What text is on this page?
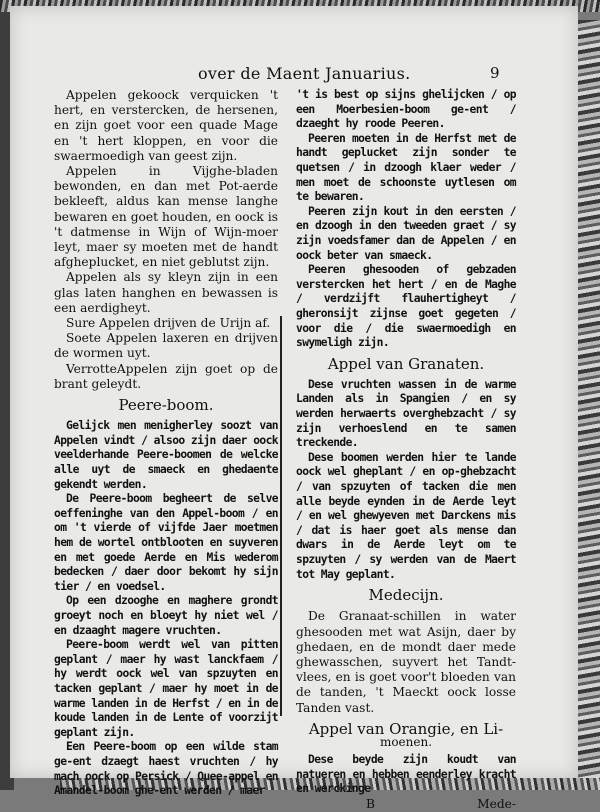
over de Maent Januarius.	9

Appelen gekoock verquicken 't hert, en verstercken, de hersenen, en zijn goet voor een quade Mage en 't hert kloppen, en voor die swaermoedigh van geest zijn.

Appelen in Vijghe-bladen bewonden, en dan met Pot-aerde bekleeft, aldus kan mense langhe bewaren en goet houden, en oock is 't datmense in Wijn of Wijn-moer leyt, maer sy moeten met de handt afgheplucket, en niet geblutst zijn.

Appelen als sy kleyn zijn in een glas laten hanghen en bewassen is een aerdigheyt.

Sure Appelen drijven de Urijn af.

Soete Appelen laxeren en drijven de wormen uyt.

VerrotteAppelen zijn goet op de brant geleydt.

Peere-boom.

Gelijck men menigherley soozt van Appelen vindt / alsoo zijn daer oock veelderhande Peere-boomen de welcke alle uyt de smaeck en ghedaente gekendt werden.

De Peere-boom begheert de selve oeffeninghe van den Appel-boom / en om 't vierde of vijfde Jaer moetmen hem de wortel ontblooten en suyveren en met goede Aerde en Mis wederom bedecken / daer door bekomt hy sijn tier / en voedsel.

Op een dzooghe en maghere grondt groeyt noch en bloeyt hy niet wel / en dzaaght magere vruchten.

Peere-boom werdt wel van pitten geplant / maer hy wast lanckfaem / hy werdt oock wel van spzuyten en tacken geplant / maer hy moet in de warme landen in de Herfst / en in de koude landen in de Lente of voorzijt geplant zijn.

Een Peere-boom op een wilde stam ge-ent dzaegt haest vruchten / hy mach oock op Persick / Quee-appel en Amandel-boom ghe-ent werden / maer

't is best op sijns ghelijcken / op een Moerbesien-boom ge-ent / dzaeght hy roode Peeren.

Peeren moeten in de Herfst met de handt geplucket zijn sonder te quetsen / in dzoogh klaer weder / men moet de schoonste uytlesen om te bewaren.

Peeren zijn kout in den eersten / en dzoogh in den tweeden graet / sy zijn voedsfamer dan de Appelen / en oock beter van smaeck.

Peeren ghesooden of gebzaden verstercken het hert / en de Maghe / verdzijft flauhertigheyt / gheronsijt zijnse goet gegeten / voor die / die swaermoedigh en swymeligh zijn.

Appel van Granaten.

Dese vruchten wassen in de warme Landen als in Spangien / en sy werden herwaerts overghebzacht / sy zijn verhoeslend en te samen treckende.

Dese boomen werden hier te lande oock wel gheplant / en op-ghebzacht / van spzuyten of tacken die men alle beyde eynden in de Aerde leyt / en wel ghewyeven met Darckens mis / dat is haer goet als mense dan dwars in de Aerde leyt om te spzuyten / sy werden van de Maert tot May geplant.

Medecijn.

De Granaat-schillen in water ghesooden met wat Asijn, daer by ghedaen, en de mondt daer mede ghewasschen, suyvert het Tandt-vlees, en is goet voor't bloeden van de tanden, 't Maeckt oock losse Tanden vast.

Appel van Orangie, en Li-
moenen.

Dese beyde zijn koudt van natueren en hebben eenderley kracht en werckinge

B	Mede-
